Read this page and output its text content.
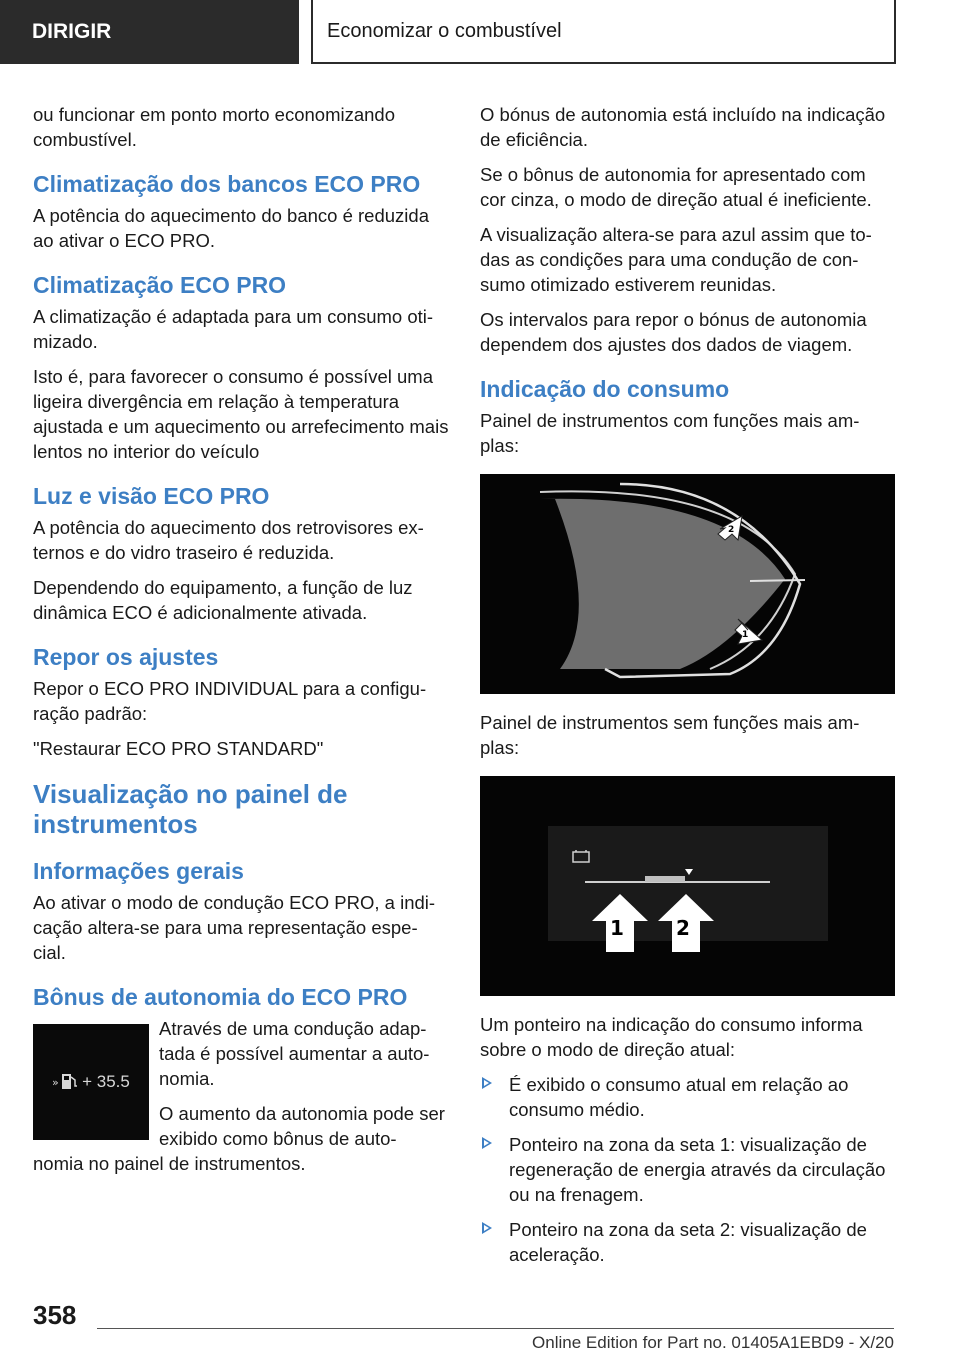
DIRIGIR	Economizar o combustível

ou funcionar em ponto morto economizando combustível.

Climatização dos bancos ECO PRO

A potência do aquecimento do banco é reduzida ao ativar o ECO PRO.

Climatização ECO PRO

A climatização é adaptada para um consumo oti- mizado.

Isto é, para favorecer o consumo é possível uma ligeira divergência em relação à temperatura ajustada e um aquecimento ou arrefecimento mais lentos no interior do veículo

Luz e visão ECO PRO

A potência do aquecimento dos retrovisores ex- ternos e do vidro traseiro é reduzida.

Dependendo do equipamento, a função de luz dinâmica ECO é adicionalmente ativada.

Repor os ajustes

Repor o ECO PRO INDIVIDUAL para a configu- ração padrão:

"Restaurar ECO PRO STANDARD"

Visualização no painel de instrumentos
Informações gerais

Ao ativar o modo de condução ECO PRO, a indi- cação altera-se para uma representação espe- cial.

Bônus de autonomia do ECO PRO
» + 35.5

Através de uma condução adap- tada é possível aumentar a auto- nomia.

O aumento da autonomia pode ser exibido como bônus de auto- nomia no painel de instrumentos.

O bónus de autonomia está incluído na indicação de eficiência.

Se o bônus de autonomia for apresentado com cor cinza, o modo de direção atual é ineficiente.

A visualização altera-se para azul assim que to- das as condições para uma condução de con- sumo otimizado estiverem reunidas.

Os intervalos para repor o bónus de autonomia dependem dos ajustes dos dados de viagem.

Indicação do consumo

Painel de instrumentos com funções mais am- plas:

2
1

Painel de instrumentos sem funções mais am- plas:

1	2

Um ponteiro na indicação do consumo informa sobre o modo de direção atual:

É exibido o consumo atual em relação ao consumo médio.

Ponteiro na zona da seta 1: visualização de regeneração de energia através da circulação ou na frenagem.

Ponteiro na zona da seta 2: visualização de aceleração.

358
Online Edition for Part no. 01405A1EBD9 - X/20
